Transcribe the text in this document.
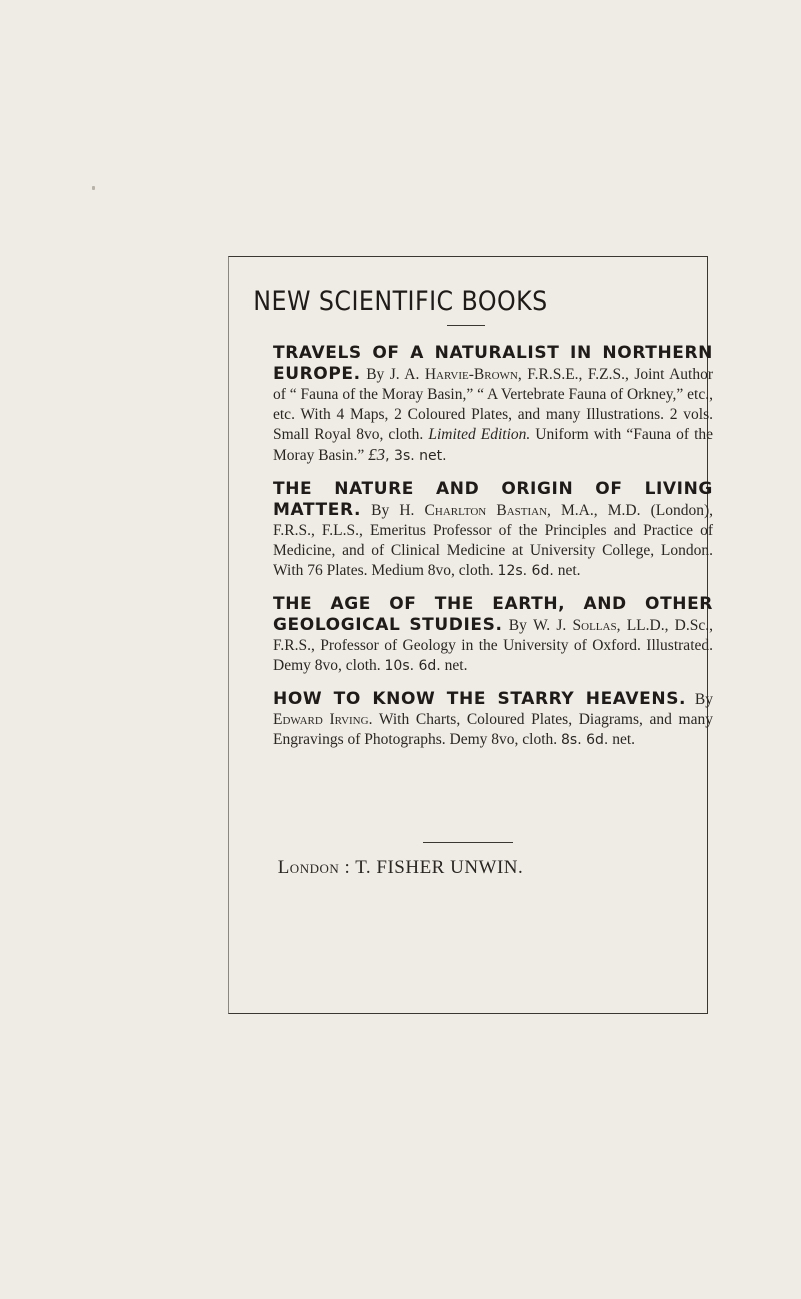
NEW SCIENTIFIC BOOKS

TRAVELS OF A NATURALIST IN NORTHERN EUROPE. By J. A. Harvie-Brown, F.R.S.E., F.Z.S., Joint Author of “ Fauna of the Moray Basin,” “ A Vertebrate Fauna of Orkney,” etc., etc. With 4 Maps, 2 Coloured Plates, and many Illustrations. 2 vols. Small Royal 8vo, cloth. Limited Edition. Uniform with “Fauna of the Moray Basin.” £3, 3s. net.

THE NATURE AND ORIGIN OF LIVING MATTER. By H. Charlton Bastian, M.A., M.D. (London), F.R.S., F.L.S., Emeritus Professor of the Principles and Practice of Medicine, and of Clinical Medicine at University College, London. With 76 Plates. Medium 8vo, cloth. 12s. 6d. net.

THE AGE OF THE EARTH, AND OTHER GEOLOGICAL STUDIES. By W. J. Sollas, LL.D., D.Sc., F.R.S., Professor of Geology in the University of Oxford. Illustrated. Demy 8vo, cloth. 10s. 6d. net.

HOW TO KNOW THE STARRY HEAVENS. By Edward Irving. With Charts, Coloured Plates, Diagrams, and many Engravings of Photographs. Demy 8vo, cloth. 8s. 6d. net.

London : T. FISHER UNWIN.
